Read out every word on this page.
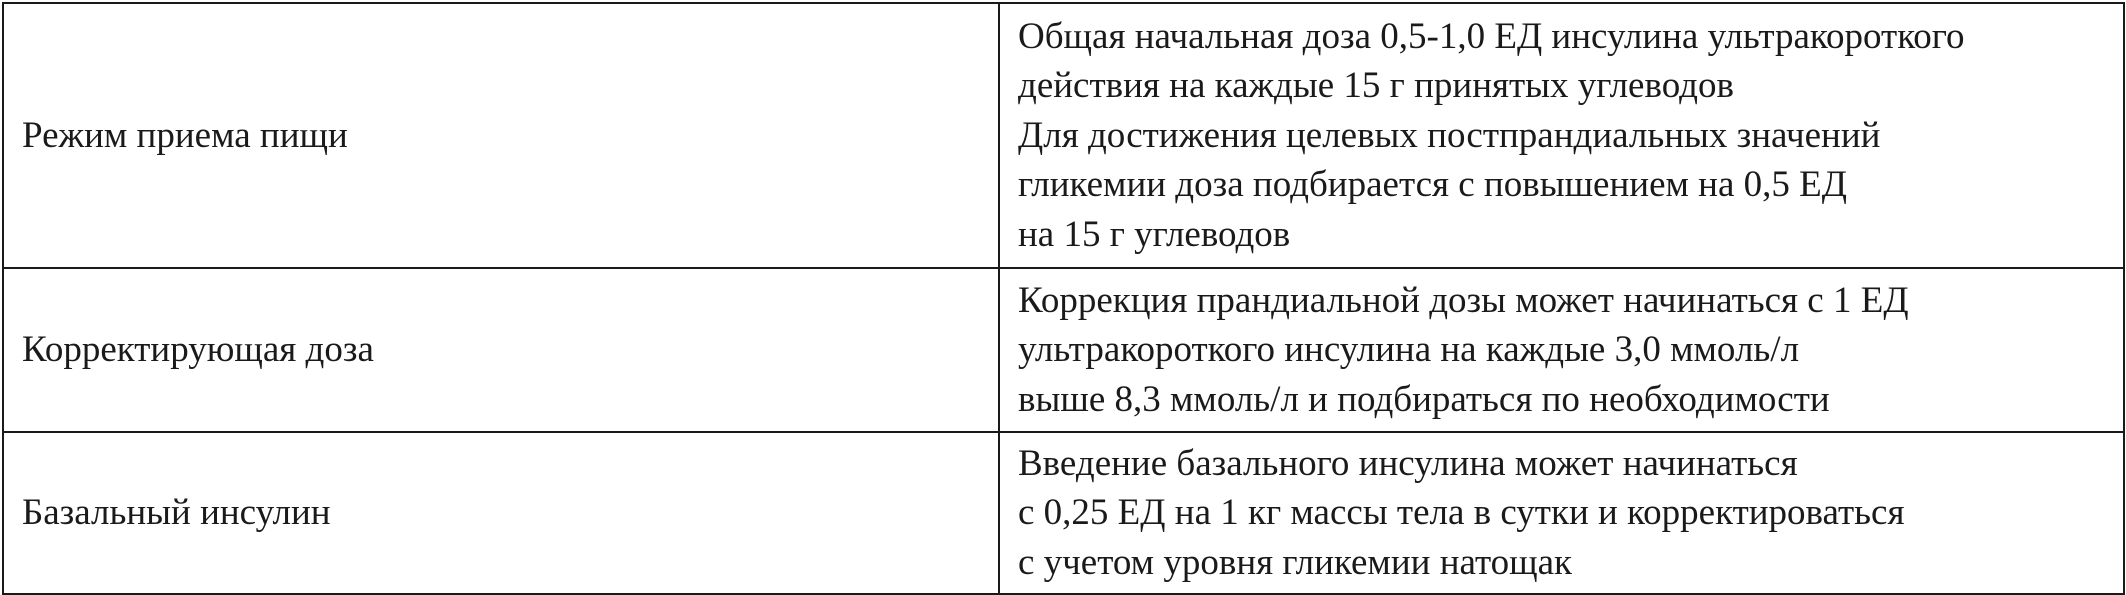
Режим приема пищи	Общая начальная доза 0,5-1,0 ЕД инсулина ультракороткого
действия на каждые 15 г принятых углеводов
Для достижения целевых постпрандиальных значений
гликемии доза подбирается с повышением на 0,5 ЕД
на 15 г углеводов

Корректирующая доза	Коррекция прандиальной дозы может начинаться с 1 ЕД
ультракороткого инсулина на каждые 3,0 ммоль/л
выше 8,3 ммоль/л и подбираться по необходимости

Базальный инсулин	Введение базального инсулина может начинаться
с 0,25 ЕД на 1 кг массы тела в сутки и корректироваться
с учетом уровня гликемии натощак
